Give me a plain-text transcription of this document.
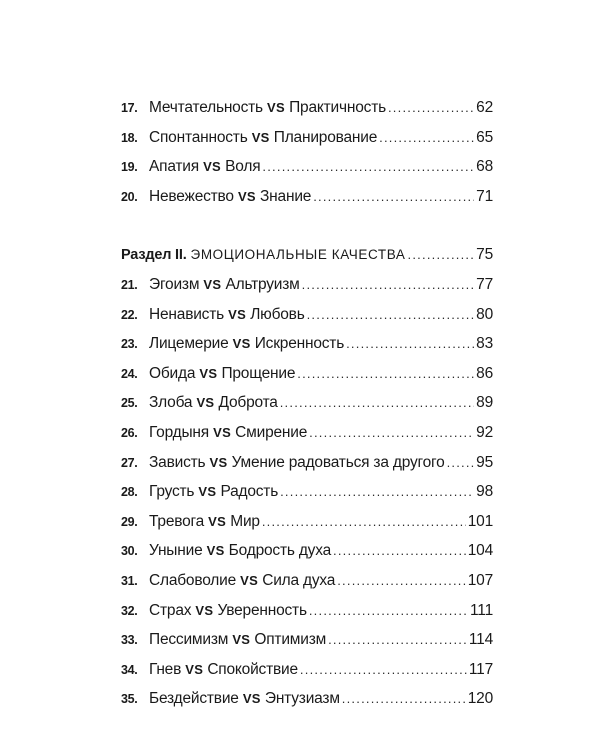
17. Мечтательность VS Практичность . . .	62
18. Спонтанность VS Планирование . . .	65
19. Апатия VS Воля . . .	68
20. Невежество VS Знание . . .	71
Раздел II. ЭМОЦИОНАЛЬНЫЕ КАЧЕСТВА . . .	75
21. Эгоизм VS Альтруизм . . .	77
22. Ненависть VS Любовь . . .	80
23. Лицемерие VS Искренность . . .	83
24. Обида VS Прощение . . .	86
25. Злоба VS Доброта . . .	89
26. Гордыня VS Смирение . . .	92
27. Зависть VS Умение радоваться за другого . . . 95
28. Грусть VS Радость . . .	98
29. Тревога VS Мир . . .	101
30. Уныние VS Бодрость духа . . .	104
31. Слабоволие VS Сила духа . . .	107
32. Страх VS Уверенность . . .	111
33. Пессимизм VS Оптимизм . . .	114
34. Гнев VS Спокойствие . . .	117
35. Бездействие VS Энтузиазм . . .	120
